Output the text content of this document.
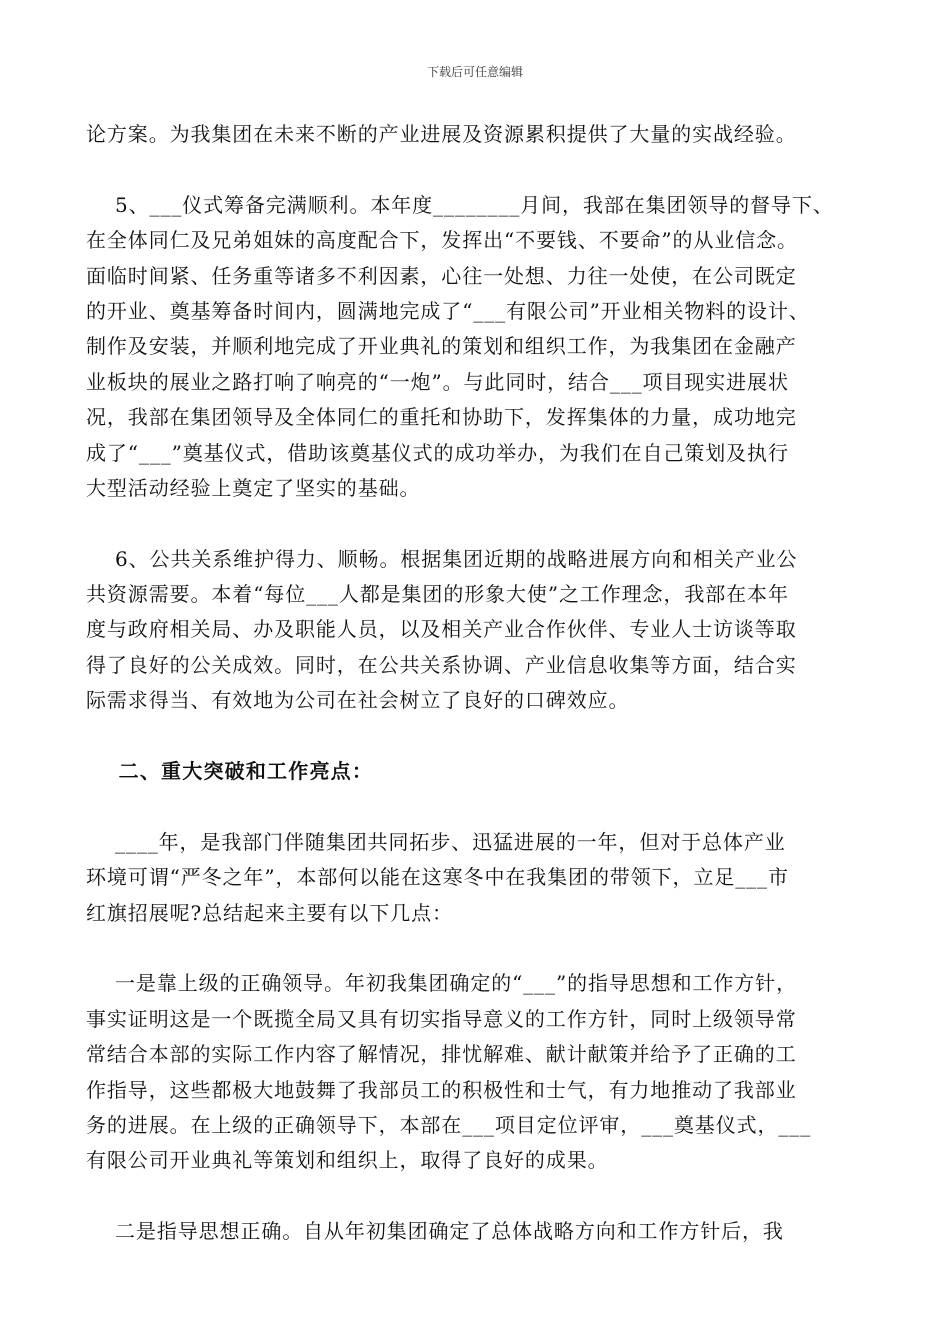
下载后可任意编辑
论方案。为我集团在未来不断的产业进展及资源累积提供了大量的实战经验。
5、___仪式筹备完满顺利。本年度________月间，我部在集团领导的督导下、
在全体同仁及兄弟姐妹的高度配合下，发挥出“不要钱、不要命”的从业信念。
面临时间紧、任务重等诸多不利因素，心往一处想、力往一处使，在公司既定
的开业、奠基筹备时间内，圆满地完成了“___有限公司”开业相关物料的设计、
制作及安装，并顺利地完成了开业典礼的策划和组织工作，为我集团在金融产
业板块的展业之路打响了响亮的“一炮”。与此同时，结合___项目现实进展状
况，我部在集团领导及全体同仁的重托和协助下，发挥集体的力量，成功地完
成了“___”奠基仪式，借助该奠基仪式的成功举办，为我们在自己策划及执行
大型活动经验上奠定了坚实的基础。
6、公共关系维护得力、顺畅。根据集团近期的战略进展方向和相关产业公
共资源需要。本着“每位___人都是集团的形象大使”之工作理念，我部在本年
度与政府相关局、办及职能人员，以及相关产业合作伙伴、专业人士访谈等取
得了良好的公关成效。同时，在公共关系协调、产业信息收集等方面，结合实
际需求得当、有效地为公司在社会树立了良好的口碑效应。
二、重大突破和工作亮点：
____年，是我部门伴随集团共同拓步、迅猛进展的一年，但对于总体产业
环境可谓“严冬之年”，本部何以能在这寒冬中在我集团的带领下，立足___市
红旗招展呢?总结起来主要有以下几点：
一是靠上级的正确领导。年初我集团确定的“___”的指导思想和工作方针，
事实证明这是一个既揽全局又具有切实指导意义的工作方针，同时上级领导常
常结合本部的实际工作内容了解情况，排忧解难、献计献策并给予了正确的工
作指导，这些都极大地鼓舞了我部员工的积极性和士气，有力地推动了我部业
务的进展。在上级的正确领导下，本部在___项目定位评审，___奠基仪式，___
有限公司开业典礼等策划和组织上，取得了良好的成果。
二是指导思想正确。自从年初集团确定了总体战略方向和工作方针后，我
